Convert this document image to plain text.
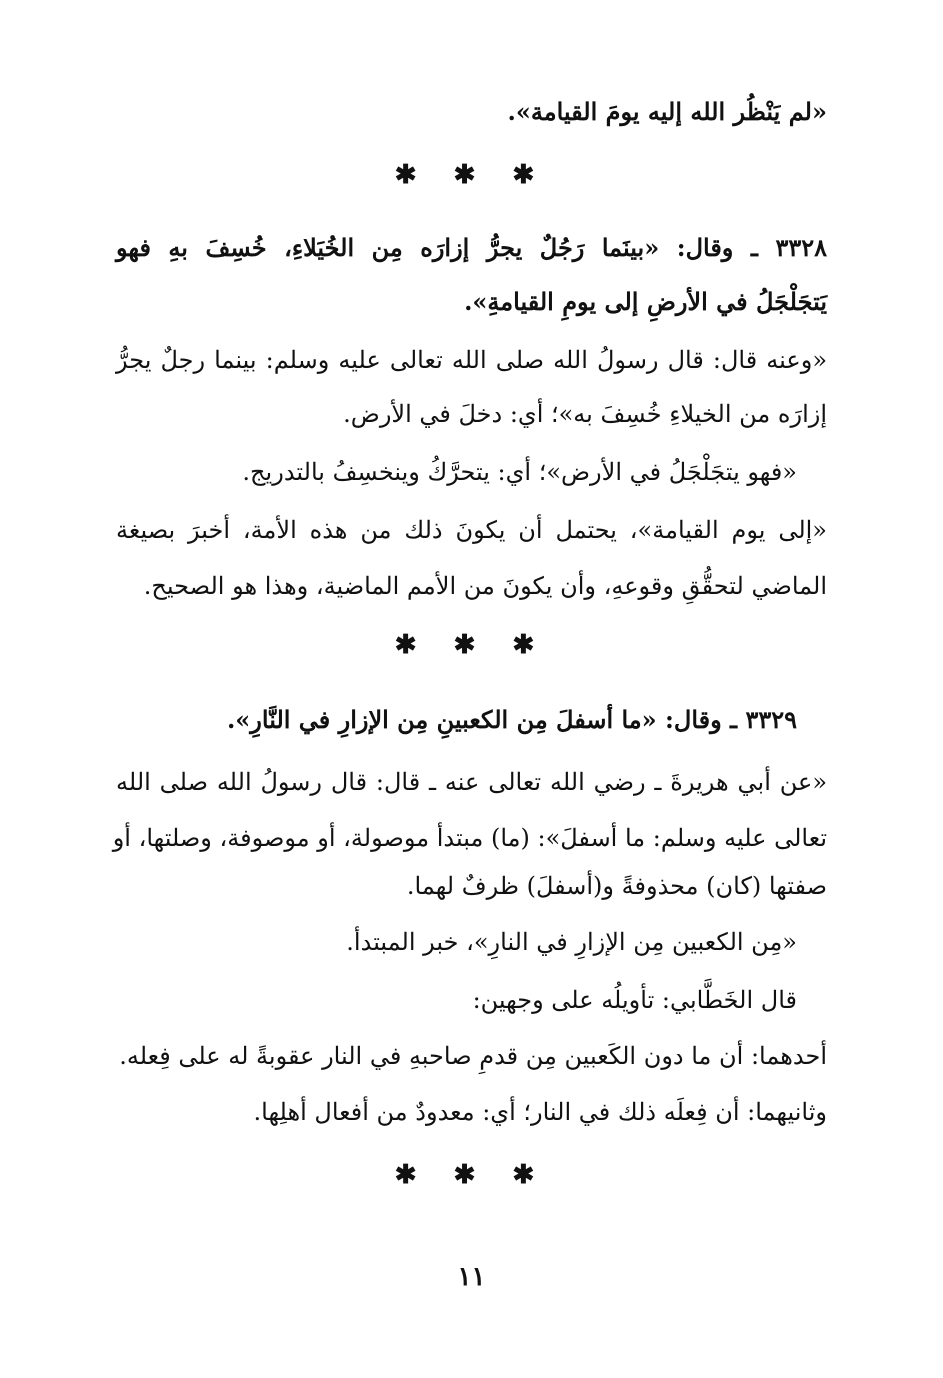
«لم يَنْظُر الله إليه يومَ القيامة».
✱ ✱ ✱
٣٣٢٨ ـ وقال: «بينَما رَجُلٌ يجرُّ إزارَه مِن الخُيَلاءِ، خُسِفَ بهِ فهو
يَتجَلْجَلُ في الأرضِ إلى يومِ القيامةِ».
«وعنه قال: قال رسولُ الله صلى الله تعالى عليه وسلم: بينما رجلٌ يجرُّ
إزارَه من الخيلاءِ خُسِفَ به»؛ أي: دخلَ في الأرض.
«فهو يتجَلْجَلُ في الأرض»؛ أي: يتحرَّكُ وينخسِفُ بالتدريج.
«إلى يوم القيامة»، يحتمل أن يكونَ ذلك من هذه الأمة، أخبرَ بصيغة
الماضي لتحقُّقِ وقوعهِ، وأن يكونَ من الأمم الماضية، وهذا هو الصحيح.
✱ ✱ ✱
٣٣٢٩ ـ وقال: «ما أسفلَ مِن الكعبينِ مِن الإزارِ في النَّارِ».
«عن أبي هريرةَ ـ رضي الله تعالى عنه ـ قال: قال رسولُ الله صلى الله
تعالى عليه وسلم: ما أسفلَ»: (ما) مبتدأ موصولة، أو موصوفة، وصلتها، أو
صفتها (كان) محذوفةً و(أسفلَ) ظرفٌ لهما.
«مِن الكعبين مِن الإزارِ في النارِ»، خبر المبتدأ.
قال الخَطَّابي: تأويلُه على وجهين:
أحدهما: أن ما دون الكَعبين مِن قدمِ صاحبهِ في النار عقوبةً له على فِعله.
وثانيهما: أن فِعلَه ذلك في النار؛ أي: معدودٌ من أفعال أهلِها.
✱ ✱ ✱
١١
